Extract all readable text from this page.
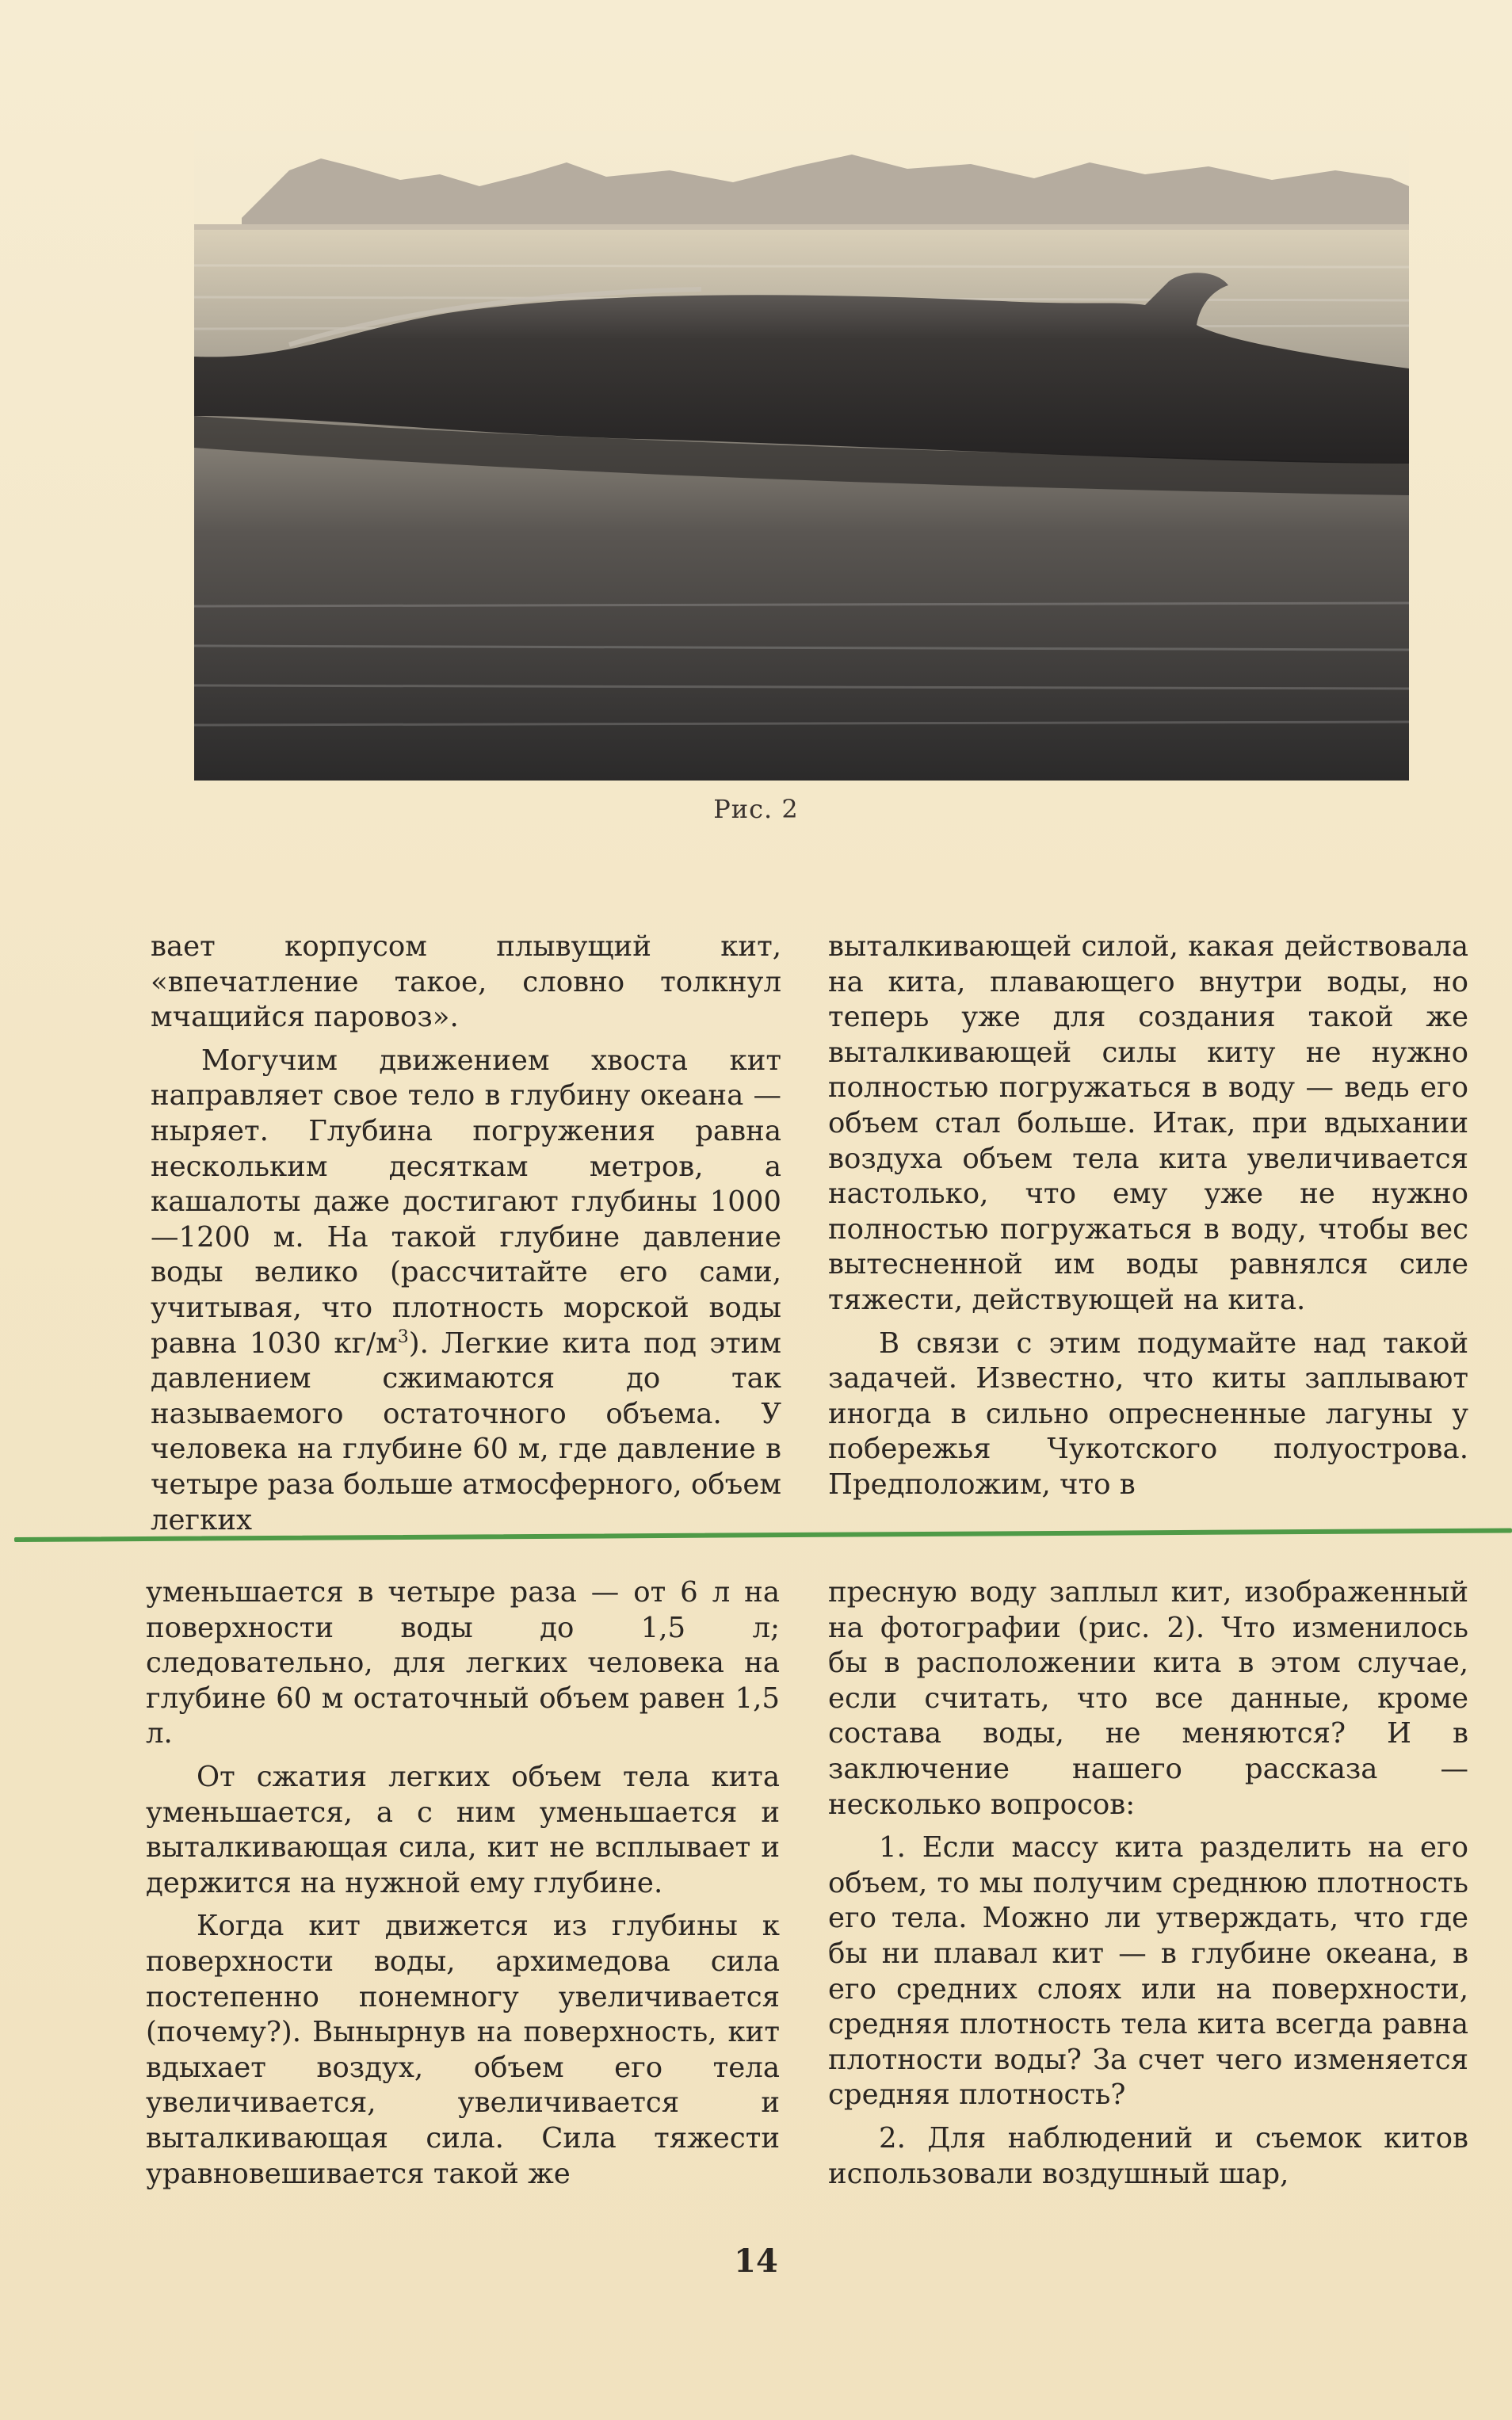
Рис. 2

вает корпусом плывущий кит, «впечатление такое, словно толкнул мчащийся паровоз».

Могучим движением хвоста кит направляет свое тело в глубину океана — ныряет. Глубина погружения равна нескольким десяткам метров, а кашалоты даже достигают глубины 1000—1200 м. На такой глубине давление воды велико (рассчитайте его сами, учитывая, что плотность морской воды равна 1030 $кг/м^3$). Легкие кита под этим давлением сжимаются до так называемого остаточного объема. У человека на глубине 60 м, где давление в четыре раза больше атмосферного, объем легких

выталкивающей силой, какая действовала на кита, плавающего внутри воды, но теперь уже для создания такой же выталкивающей силы киту не нужно полностью погружаться в воду — ведь его объем стал больше. Итак, при вдыхании воздуха объем тела кита увеличивается настолько, что ему уже не нужно полностью погружаться в воду, чтобы вес вытесненной им воды равнялся силе тяжести, действующей на кита.

В связи с этим подумайте над такой задачей. Известно, что киты заплывают иногда в сильно опресненные лагуны у побережья Чукотского полуострова. Предположим, что в

уменьшается в четыре раза — от 6 л на поверхности воды до 1,5 л; следовательно, для легких человека на глубине 60 м остаточный объем равен 1,5 л.

От сжатия легких объем тела кита уменьшается, а с ним уменьшается и выталкивающая сила, кит не всплывает и держится на нужной ему глубине.

Когда кит движется из глубины к поверхности воды, архимедова сила постепенно понемногу увеличивается (почему?). Вынырнув на поверхность, кит вдыхает воздух, объем его тела увеличивается, увеличивается и выталкивающая сила. Сила тяжести уравновешивается такой же

пресную воду заплыл кит, изображенный на фотографии (рис. 2). Что изменилось бы в расположении кита в этом случае, если считать, что все данные, кроме состава воды, не меняются? И в заключение нашего рассказа — несколько вопросов:

1. Если массу кита разделить на его объем, то мы получим среднюю плотность его тела. Можно ли утверждать, что где бы ни плавал кит — в глубине океана, в его средних слоях или на поверхности, средняя плотность тела кита всегда равна плотности воды? За счет чего изменяется средняя плотность?

2. Для наблюдений и съемок китов использовали воздушный шар,

14
